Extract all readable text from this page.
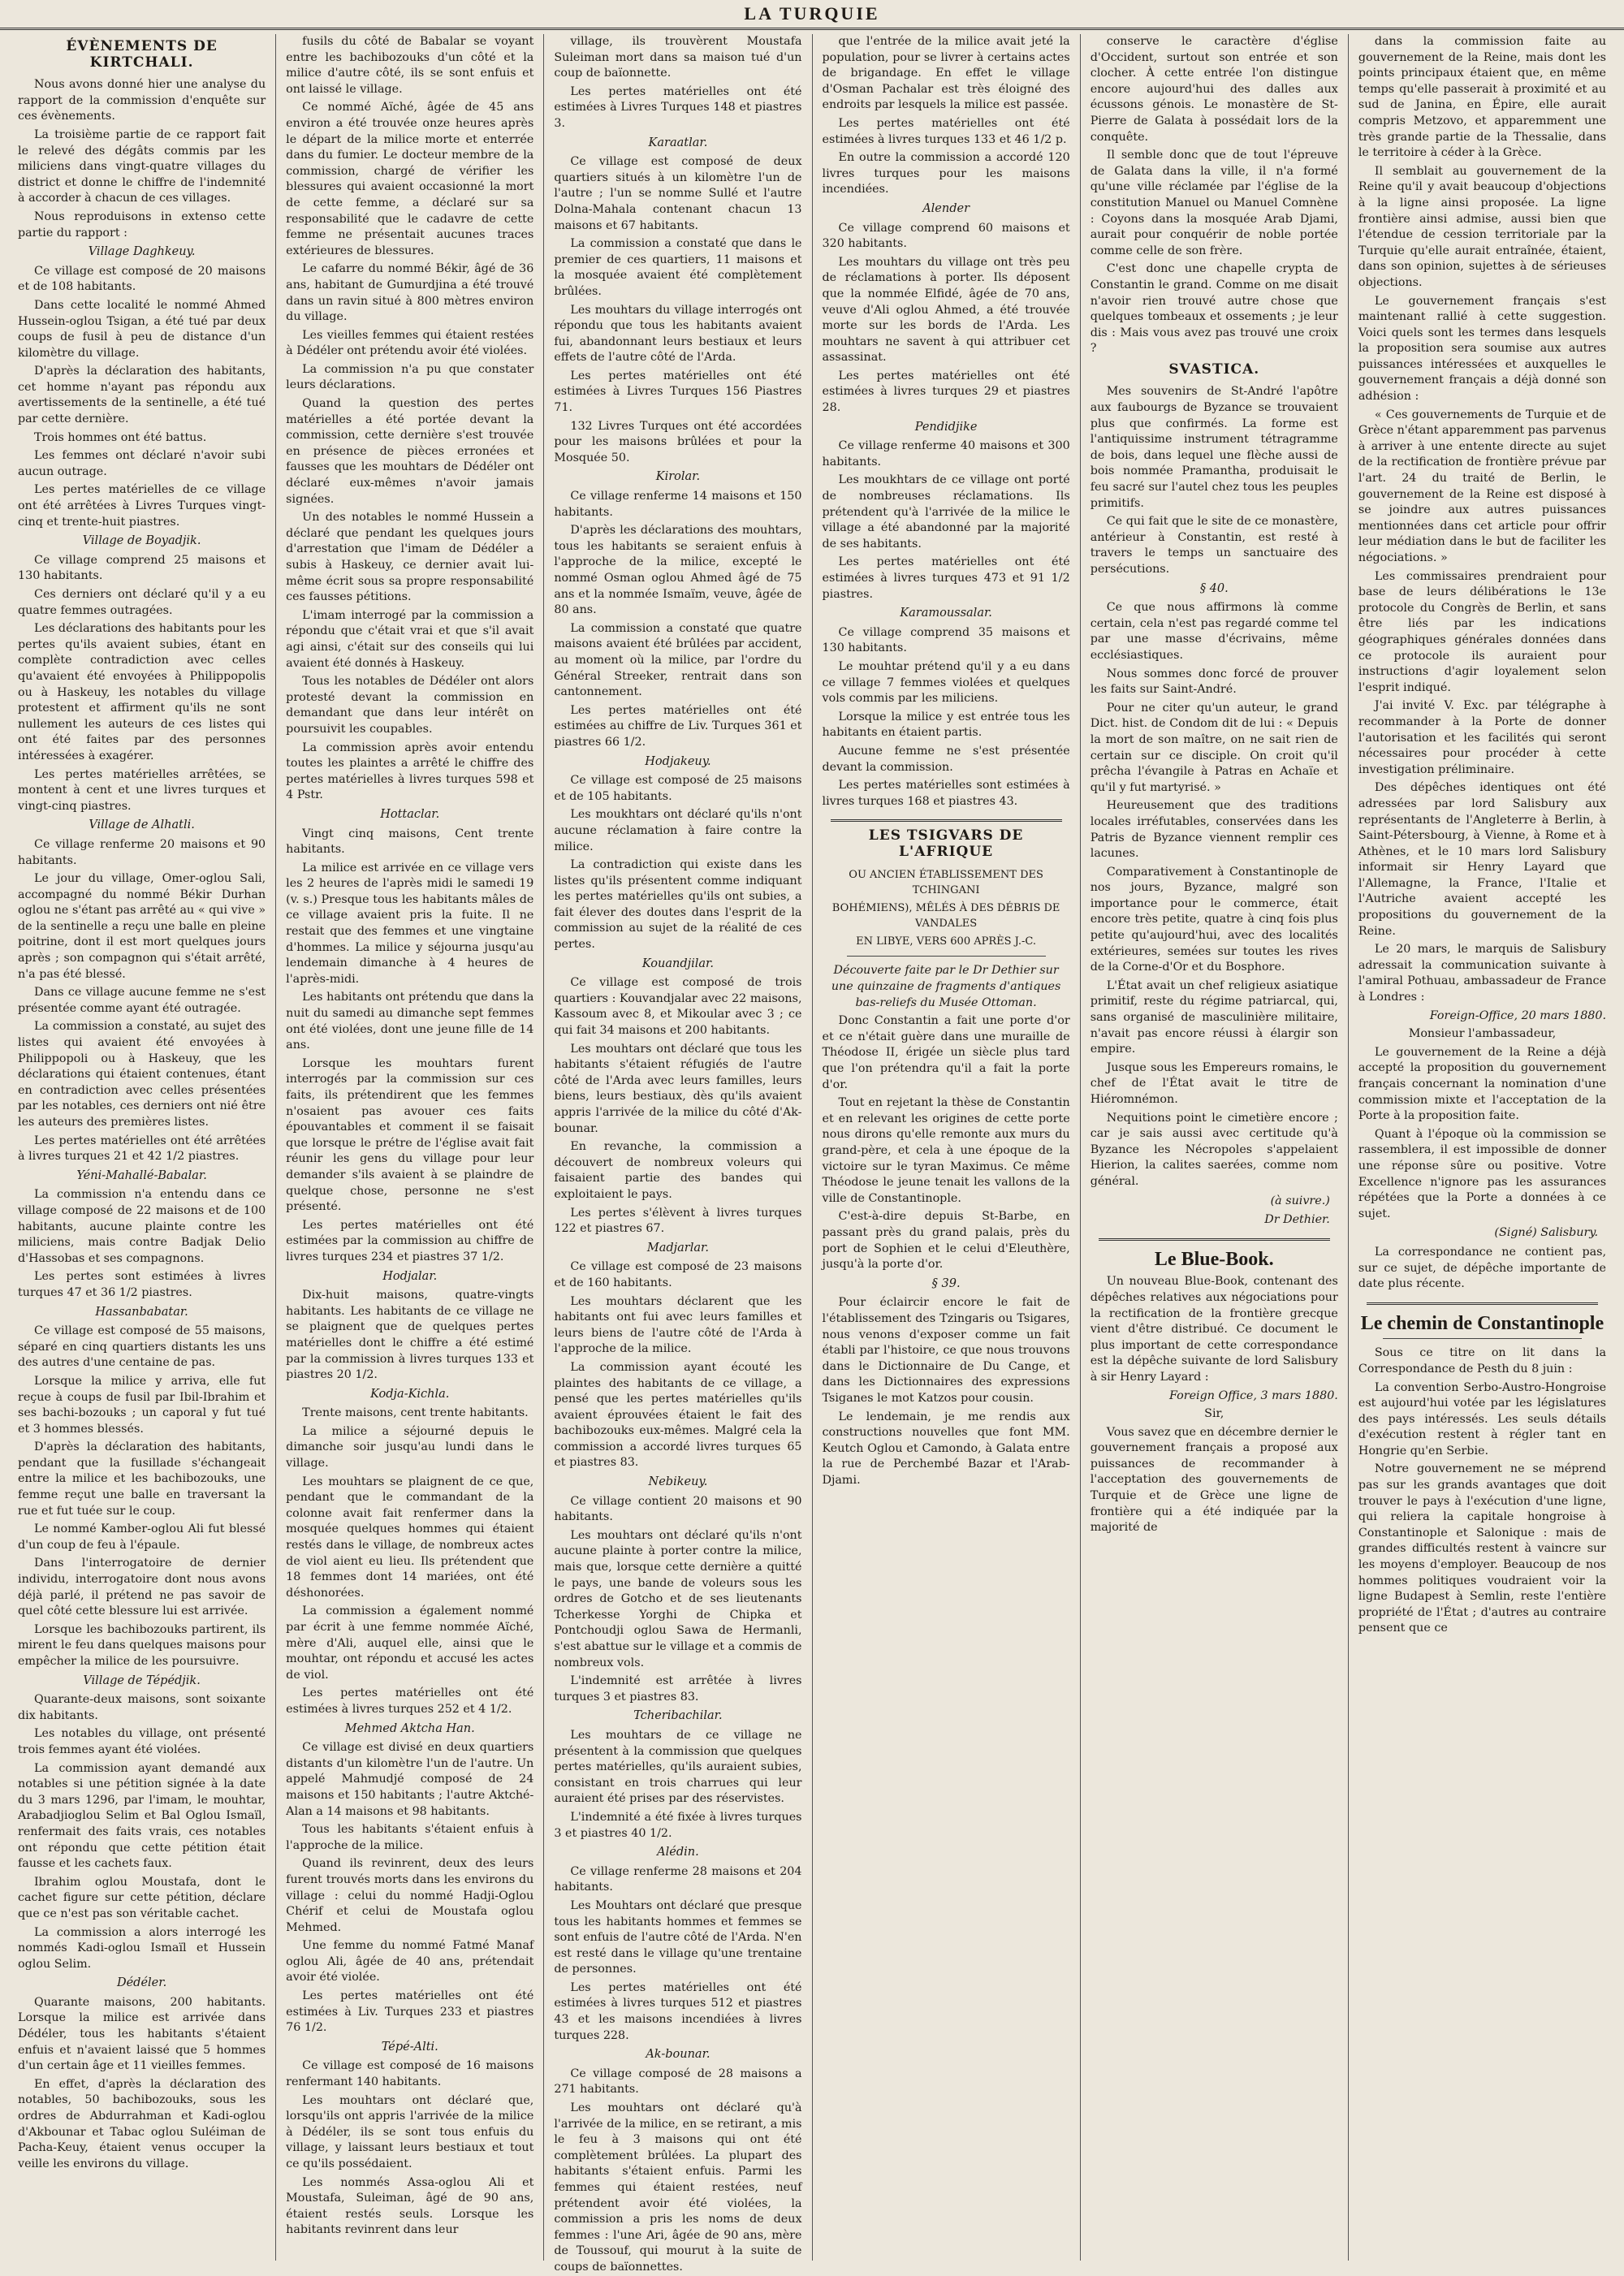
LA TURQUIE
ÉVÈNEMENTS DE KIRTCHALI.

Nous avons donné hier une analyse du rapport de la commission d'enquête sur ces évènements.

La troisième partie de ce rapport fait le relevé des dégâts commis par les miliciens dans vingt-quatre villages du district et donne le chiffre de l'indemnité à accorder à chacun de ces villages.

Nous reproduisons in extenso cette partie du rapport :

Village Daghkeuy.

Ce village est composé de 20 maisons et de 108 habitants.

Dans cette localité le nommé Ahmed Hussein-oglou Tsigan, a été tué par deux coups de fusil à peu de distance d'un kilomètre du village.

D'après la déclaration des habitants, cet homme n'ayant pas répondu aux avertissements de la sentinelle, a été tué par cette dernière.

Trois hommes ont été battus.

Les femmes ont déclaré n'avoir subi aucun outrage.

Les pertes matérielles de ce village ont été arrêtées à Livres Turques vingt-cinq et trente-huit piastres.

Village de Boyadjik.

Ce village comprend 25 maisons et 130 habitants.

Ces derniers ont déclaré qu'il y a eu quatre femmes outragées.

Les déclarations des habitants pour les pertes qu'ils avaient subies, étant en complète contradiction avec celles qu'avaient été envoyées à Philippopolis ou à Haskeuy, les notables du village protestent et affirment qu'ils ne sont nullement les auteurs de ces listes qui ont été faites par des personnes intéressées à exagérer.

Les pertes matérielles arrêtées, se montent à cent et une livres turques et vingt-cinq piastres.

Village de Alhatli.

Ce village renferme 20 maisons et 90 habitants.

Le jour du village, Omer-oglou Sali, accompagné du nommé Békir Durhan oglou ne s'étant pas arrêté au « qui vive » de la sentinelle a reçu une balle en pleine poitrine, dont il est mort quelques jours après ; son compagnon qui s'était arrêté, n'a pas été blessé.

Dans ce village aucune femme ne s'est présentée comme ayant été outragée.

La commission a constaté, au sujet des listes qui avaient été envoyées à Philippopoli ou à Haskeuy, que les déclarations qui étaient contenues, étant en contradiction avec celles présentées par les notables, ces derniers ont nié être les auteurs des premières listes.

Les pertes matérielles ont été arrêtées à livres turques 21 et 42 1/2 piastres.

Yéni-Mahallé-Babalar.

La commission n'a entendu dans ce village composé de 22 maisons et de 100 habitants, aucune plainte contre les miliciens, mais contre Badjak Delio d'Hassobas et ses compagnons.

Les pertes sont estimées à livres turques 47 et 36 1/2 piastres.

Hassanbabatar.

Ce village est composé de 55 maisons, séparé en cinq quartiers distants les uns des autres d'une centaine de pas.

Lorsque la milice y arriva, elle fut reçue à coups de fusil par Ibil-Ibrahim et ses bachi-bozouks ; un caporal y fut tué et 3 hommes blessés.

D'après la déclaration des habitants, pendant que la fusillade s'échangeait entre la milice et les bachibozouks, une femme reçut une balle en traversant la rue et fut tuée sur le coup.

Le nommé Kamber-oglou Ali fut blessé d'un coup de feu à l'épaule.

Dans l'interrogatoire de dernier individu, interrogatoire dont nous avons déjà parlé, il prétend ne pas savoir de quel côté cette blessure lui est arrivée.

Lorsque les bachibozouks partirent, ils mirent le feu dans quelques maisons pour empêcher la milice de les poursuivre.

Village de Tépédjik.

Quarante-deux maisons, sont soixante dix habitants.

Les notables du village, ont présenté trois femmes ayant été violées.

La commission ayant demandé aux notables si une pétition signée à la date du 3 mars 1296, par l'imam, le mouhtar, Arabadjioglou Selim et Bal Oglou Ismaïl, renfermait des faits vrais, ces notables ont répondu que cette pétition était fausse et les cachets faux.

Ibrahim oglou Moustafa, dont le cachet figure sur cette pétition, déclare que ce n'est pas son véritable cachet.

La commission a alors interrogé les nommés Kadi-oglou Ismaïl et Hussein oglou Selim.

Dédéler.

Quarante maisons, 200 habitants. Lorsque la milice est arrivée dans Dédéler, tous les habitants s'étaient enfuis et n'avaient laissé que 5 hommes d'un certain âge et 11 vieilles femmes.

En effet, d'après la déclaration des notables, 50 bachibozouks, sous les ordres de Abdurrahman et Kadi-oglou d'Akbounar et Tabac oglou Suléiman de Pacha-Keuy, étaient venus occuper la veille les environs du village.

fusils du côté de Babalar se voyant entre les bachibozouks d'un côté et la milice d'autre côté, ils se sont enfuis et ont laissé le village.

Ce nommé Aïché, âgée de 45 ans environ a été trouvée onze heures après le départ de la milice morte et enterrée dans du fumier. Le docteur membre de la commission, chargé de vérifier les blessures qui avaient occasionné la mort de cette femme, a déclaré sur sa responsabilité que le cadavre de cette femme ne présentait aucunes traces extérieures de blessures.

Le cafarre du nommé Békir, âgé de 36 ans, habitant de Gumurdjina a été trouvé dans un ravin situé à 800 mètres environ du village.

Les vieilles femmes qui étaient restées à Dédéler ont prétendu avoir été violées.

La commission n'a pu que constater leurs déclarations.

Quand la question des pertes matérielles a été portée devant la commission, cette dernière s'est trouvée en présence de pièces erronées et fausses que les mouhtars de Dédéler ont déclaré eux-mêmes n'avoir jamais signées.

Un des notables le nommé Hussein a déclaré que pendant les quelques jours d'arrestation que l'imam de Dédéler a subis à Haskeuy, ce dernier avait lui-même écrit sous sa propre responsabilité ces fausses pétitions.

L'imam interrogé par la commission a répondu que c'était vrai et que s'il avait agi ainsi, c'était sur des conseils qui lui avaient été donnés à Haskeuy.

Tous les notables de Dédéler ont alors protesté devant la commission en demandant que dans leur intérêt on poursuivit les coupables.

La commission après avoir entendu toutes les plaintes a arrêté le chiffre des pertes matérielles à livres turques 598 et 4 Pstr.

Hottaclar.

Vingt cinq maisons, Cent trente habitants.

La milice est arrivée en ce village vers les 2 heures de l'après midi le samedi 19 (v. s.) Presque tous les habitants mâles de ce village avaient pris la fuite. Il ne restait que des femmes et une vingtaine d'hommes. La milice y séjourna jusqu'au lendemain dimanche à 4 heures de l'après-midi.

Les habitants ont prétendu que dans la nuit du samedi au dimanche sept femmes ont été violées, dont une jeune fille de 14 ans.

Lorsque les mouhtars furent interrogés par la commission sur ces faits, ils prétendirent que les femmes n'osaient pas avouer ces faits épouvantables et comment il se faisait que lorsque le prétre de l'église avait fait réunir les gens du village pour leur demander s'ils avaient à se plaindre de quelque chose, personne ne s'est présenté.

Les pertes matérielles ont été estimées par la commission au chiffre de livres turques 234 et piastres 37 1/2.

Hodjalar.

Dix-huit maisons, quatre-vingts habitants. Les habitants de ce village ne se plaignent que de quelques pertes matérielles dont le chiffre a été estimé par la commission à livres turques 133 et piastres 20 1/2.

Kodja-Kichla.

Trente maisons, cent trente habitants.

La milice a séjourné depuis le dimanche soir jusqu'au lundi dans le village.

Les mouhtars se plaignent de ce que, pendant que le commandant de la colonne avait fait renfermer dans la mosquée quelques hommes qui étaient restés dans le village, de nombreux actes de viol aient eu lieu. Ils prétendent que 18 femmes dont 14 mariées, ont été déshonorées.

La commission a également nommé par écrit à une femme nommée Aïché, mère d'Ali, auquel elle, ainsi que le mouhtar, ont répondu et accusé les actes de viol.

Les pertes matérielles ont été estimées à livres turques 252 et 4 1/2.

Mehmed Aktcha Han.

Ce village est divisé en deux quartiers distants d'un kilomètre l'un de l'autre. Un appelé Mahmudjé composé de 24 maisons et 150 habitants ; l'autre Aktché-Alan a 14 maisons et 98 habitants.

Tous les habitants s'étaient enfuis à l'approche de la milice.

Quand ils revinrent, deux des leurs furent trouvés morts dans les environs du village : celui du nommé Hadji-Oglou Chérif et celui de Moustafa oglou Mehmed.

Une femme du nommé Fatmé Manaf oglou Ali, âgée de 40 ans, prétendait avoir été violée.

Les pertes matérielles ont été estimées à Liv. Turques 233 et piastres 76 1/2.

Tépé-Alti.

Ce village est composé de 16 maisons renfermant 140 habitants.

Les mouhtars ont déclaré que, lorsqu'ils ont appris l'arrivée de la milice à Dédéler, ils se sont tous enfuis du village, y laissant leurs bestiaux et tout ce qu'ils possédaient.

Les nommés Assa-oglou Ali et Moustafa, Suleiman, âgé de 90 ans, étaient restés seuls. Lorsque les habitants revinrent dans leur

village, ils trouvèrent Moustafa Suleiman mort dans sa maison tué d'un coup de baïonnette.

Les pertes matérielles ont été estimées à Livres Turques 148 et piastres 3.

Karaatlar.

Ce village est composé de deux quartiers situés à un kilomètre l'un de l'autre ; l'un se nomme Sullé et l'autre Dolna-Mahala contenant chacun 13 maisons et 67 habitants.

La commission a constaté que dans le premier de ces quartiers, 11 maisons et la mosquée avaient été complètement brûlées.

Les mouhtars du village interrogés ont répondu que tous les habitants avaient fui, abandonnant leurs bestiaux et leurs effets de l'autre côté de l'Arda.

Les pertes matérielles ont été estimées à Livres Turques 156 Piastres 71.

132 Livres Turques ont été accordées pour les maisons brûlées et pour la Mosquée 50.

Kirolar.

Ce village renferme 14 maisons et 150 habitants.

D'après les déclarations des mouhtars, tous les habitants se seraient enfuis à l'approche de la milice, excepté le nommé Osman oglou Ahmed âgé de 75 ans et la nommée Ismaïm, veuve, âgée de 80 ans.

La commission a constaté que quatre maisons avaient été brûlées par accident, au moment où la milice, par l'ordre du Général Streeker, rentrait dans son cantonnement.

Les pertes matérielles ont été estimées au chiffre de Liv. Turques 361 et piastres 66 1/2.

Hodjakeuy.

Ce village est composé de 25 maisons et de 105 habitants.

Les moukhtars ont déclaré qu'ils n'ont aucune réclamation à faire contre la milice.

La contradiction qui existe dans les listes qu'ils présentent comme indiquant les pertes matérielles qu'ils ont subies, a fait élever des doutes dans l'esprit de la commission au sujet de la réalité de ces pertes.

Kouandjilar.

Ce village est composé de trois quartiers : Kouvandjalar avec 22 maisons, Kassoum avec 8, et Mikoular avec 3 ; ce qui fait 34 maisons et 200 habitants.

Les mouhtars ont déclaré que tous les habitants s'étaient réfugiés de l'autre côté de l'Arda avec leurs familles, leurs biens, leurs bestiaux, dès qu'ils avaient appris l'arrivée de la milice du côté d'Ak-bounar.

En revanche, la commission a découvert de nombreux voleurs qui faisaient partie des bandes qui exploitaient le pays.

Les pertes s'élèvent à livres turques 122 et piastres 67.

Madjarlar.

Ce village est composé de 23 maisons et de 160 habitants.

Les mouhtars déclarent que les habitants ont fui avec leurs familles et leurs biens de l'autre côté de l'Arda à l'approche de la milice.

La commission ayant écouté les plaintes des habitants de ce village, a pensé que les pertes matérielles qu'ils avaient éprouvées étaient le fait des bachibozouks eux-mêmes. Malgré cela la commission a accordé livres turques 65 et piastres 83.

Nebikeuy.

Ce village contient 20 maisons et 90 habitants.

Les mouhtars ont déclaré qu'ils n'ont aucune plainte à porter contre la milice, mais que, lorsque cette dernière a quitté le pays, une bande de voleurs sous les ordres de Gotcho et de ses lieutenants Tcherkesse Yorghi de Chipka et Pontchoudji oglou Sawa de Hermanli, s'est abattue sur le village et a commis de nombreux vols.

L'indemnité est arrêtée à livres turques 3 et piastres 83.

Tcheribachilar.

Les mouhtars de ce village ne présentent à la commission que quelques pertes matérielles, qu'ils auraient subies, consistant en trois charrues qui leur auraient été prises par des réservistes.

L'indemnité a été fixée à livres turques 3 et piastres 40 1/2.

Alédin.

Ce village renferme 28 maisons et 204 habitants.

Les Mouhtars ont déclaré que presque tous les habitants hommes et femmes se sont enfuis de l'autre côté de l'Arda. N'en est resté dans le village qu'une trentaine de personnes.

Les pertes matérielles ont été estimées à livres turques 512 et piastres 43 et les maisons incendiées à livres turques 228.

Ak-bounar.

Ce village composé de 28 maisons a 271 habitants.

Les mouhtars ont déclaré qu'à l'arrivée de la milice, en se retirant, a mis le feu à 3 maisons qui ont été complètement brûlées. La plupart des habitants s'étaient enfuis. Parmi les femmes qui étaient restées, neuf prétendent avoir été violées, la commission a pris les noms de deux femmes : l'une Ari, âgée de 90 ans, mère de Toussouf, qui mourut à la suite de coups de baïonnettes.

que l'entrée de la milice avait jeté la population, pour se livrer à certains actes de brigandage. En effet le village d'Osman Pachalar est très éloigné des endroits par lesquels la milice est passée.

Les pertes matérielles ont été estimées à livres turques 133 et 46 1/2 p.

En outre la commission a accordé 120 livres turques pour les maisons incendiées.

Alender

Ce village comprend 60 maisons et 320 habitants.

Les mouhtars du village ont très peu de réclamations à porter. Ils déposent que la nommée Elfidé, âgée de 70 ans, veuve d'Ali oglou Ahmed, a été trouvée morte sur les bords de l'Arda. Les mouhtars ne savent à qui attribuer cet assassinat.

Les pertes matérielles ont été estimées à livres turques 29 et piastres 28.

Pendidjike

Ce village renferme 40 maisons et 300 habitants.

Les moukhtars de ce village ont porté de nombreuses réclamations. Ils prétendent qu'à l'arrivée de la milice le village a été abandonné par la majorité de ses habitants.

Les pertes matérielles ont été estimées à livres turques 473 et 91 1/2 piastres.

Karamoussalar.

Ce village comprend 35 maisons et 130 habitants.

Le mouhtar prétend qu'il y a eu dans ce village 7 femmes violées et quelques vols commis par les miliciens.

Lorsque la milice y est entrée tous les habitants en étaient partis.

Aucune femme ne s'est présentée devant la commission.

Les pertes matérielles sont estimées à livres turques 168 et piastres 43.

LES TSIGVARS DE L'AFRIQUE
OU ANCIEN ÉTABLISSEMENT DES TCHINGANI
BOHÉMIENS), MÊLÉS À DES DÉBRIS DE VANDALES
EN LIBYE, VERS 600 APRÈS J.-C.

Découverte faite par le Dr Dethier sur une quinzaine de fragments d'antiques bas-reliefs du Musée Ottoman.

Donc Constantin a fait une porte d'or et ce n'était guère dans une muraille de Théodose II, érigée un siècle plus tard que l'on prétendra qu'il a fait la porte d'or.

Tout en rejetant la thèse de Constantin et en relevant les origines de cette porte nous dirons qu'elle remonte aux murs du grand-père, et cela à une époque de la victoire sur le tyran Maximus. Ce même Théodose le jeune tenait les vallons de la ville de Constantinople.

C'est-à-dire depuis St-Barbe, en passant près du grand palais, près du port de Sophien et le celui d'Eleuthère, jusqu'à la porte d'or.

§ 39.

Pour éclaircir encore le fait de l'établissement des Tzingaris ou Tsigares, nous venons d'exposer comme un fait établi par l'histoire, ce que nous trouvons dans le Dictionnaire de Du Cange, et dans les Dictionnaires des expressions Tsiganes le mot Katzos pour cousin.

Le lendemain, je me rendis aux constructions nouvelles que font MM. Keutch Oglou et Camondo, à Galata entre la rue de Perchembé Bazar et l'Arab-Djami.

conserve le caractère d'église d'Occident, surtout son entrée et son clocher. À cette entrée l'on distingue encore aujourd'hui des dalles aux écussons génois. Le monastère de St-Pierre de Galata à possédait lors de la conquête.

Il semble donc que de tout l'épreuve de Galata dans la ville, il n'a formé qu'une ville réclamée par l'église de la constitution Manuel ou Manuel Comnène : Coyons dans la mosquée Arab Djami, aurait pour conquérir de noble portée comme celle de son frère.

C'est donc une chapelle crypta de Constantin le grand. Comme on me disait n'avoir rien trouvé autre chose que quelques tombeaux et ossements ; je leur dis : Mais vous avez pas trouvé une croix ?

SVASTICA.

Mes souvenirs de St-André l'apôtre aux faubourgs de Byzance se trouvaient plus que confirmés. La forme est l'antiquissime instrument tétragramme de bois, dans lequel une flèche aussi de bois nommée Pramantha, produisait le feu sacré sur l'autel chez tous les peuples primitifs.

Ce qui fait que le site de ce monastère, antérieur à Constantin, est resté à travers le temps un sanctuaire des persécutions.

§ 40.

Ce que nous affirmons là comme certain, cela n'est pas regardé comme tel par une masse d'écrivains, même ecclésiastiques.

Nous sommes donc forcé de prouver les faits sur Saint-André.

Pour ne citer qu'un auteur, le grand Dict. hist. de Condom dit de lui : « Depuis la mort de son maître, on ne sait rien de certain sur ce disciple. On croit qu'il prêcha l'évangile à Patras en Achaïe et qu'il y fut martyrisé. »

Heureusement que des traditions locales irréfutables, conservées dans les Patris de Byzance viennent remplir ces lacunes.

Comparativement à Constantinople de nos jours, Byzance, malgré son importance pour le commerce, était encore très petite, quatre à cinq fois plus petite qu'aujourd'hui, avec des localités extérieures, semées sur toutes les rives de la Corne-d'Or et du Bosphore.

L'État avait un chef religieux asiatique primitif, reste du régime patriarcal, qui, sans organisé de masculinière militaire, n'avait pas encore réussi à élargir son empire.

Jusque sous les Empereurs romains, le chef de l'État avait le titre de Hiéromnémon.

Nequitions point le cimetière encore ; car je sais aussi avec certitude qu'à Byzance les Nécropoles s'appelaient Hierion, la calites saerées, comme nom général.

(à suivre.)
Dr Dethier.
Le Blue-Book.

Un nouveau Blue-Book, contenant des dépêches relatives aux négociations pour la rectification de la frontière grecque vient d'être distribué. Ce document le plus important de cette correspondance est la dépêche suivante de lord Salisbury à sir Henry Layard :

Foreign Office, 3 mars 1880.

Sir,

Vous savez que en décembre dernier le gouvernement français a proposé aux puissances de recommander à l'acceptation des gouvernements de Turquie et de Grèce une ligne de frontière qui a été indiquée par la majorité de

dans la commission faite au gouvernement de la Reine, mais dont les points principaux étaient que, en même temps qu'elle passerait à proximité et au sud de Janina, en Épire, elle aurait compris Metzovo, et apparemment une très grande partie de la Thessalie, dans le territoire à céder à la Grèce.

Il semblait au gouvernement de la Reine qu'il y avait beaucoup d'objections à la ligne ainsi proposée. La ligne frontière ainsi admise, aussi bien que l'étendue de cession territoriale par la Turquie qu'elle aurait entraînée, étaient, dans son opinion, sujettes à de sérieuses objections.

Le gouvernement français s'est maintenant rallié à cette suggestion. Voici quels sont les termes dans lesquels la proposition sera soumise aux autres puissances intéressées et auxquelles le gouvernement français a déjà donné son adhésion :

« Ces gouvernements de Turquie et de Grèce n'étant apparemment pas parvenus à arriver à une entente directe au sujet de la rectification de frontière prévue par l'art. 24 du traité de Berlin, le gouvernement de la Reine est disposé à se joindre aux autres puissances mentionnées dans cet article pour offrir leur médiation dans le but de faciliter les négociations. »

Les commissaires prendraient pour base de leurs délibérations le 13e protocole du Congrès de Berlin, et sans être liés par les indications géographiques générales données dans ce protocole ils auraient pour instructions d'agir loyalement selon l'esprit indiqué.

J'ai invité V. Exc. par télégraphe à recommander à la Porte de donner l'autorisation et les facilités qui seront nécessaires pour procéder à cette investigation préliminaire.

Des dépêches identiques ont été adressées par lord Salisbury aux représentants de l'Angleterre à Berlin, à Saint-Pétersbourg, à Vienne, à Rome et à Athènes, et le 10 mars lord Salisbury informait sir Henry Layard que l'Allemagne, la France, l'Italie et l'Autriche avaient accepté les propositions du gouvernement de la Reine.

Le 20 mars, le marquis de Salisbury adressait la communication suivante à l'amiral Pothuau, ambassadeur de France à Londres :

Foreign-Office, 20 mars 1880.

Monsieur l'ambassadeur,

Le gouvernement de la Reine a déjà accepté la proposition du gouvernement français concernant la nomination d'une commission mixte et l'acceptation de la Porte à la proposition faite.

Quant à l'époque où la commission se rassemblera, il est impossible de donner une réponse sûre ou positive. Votre Excellence n'ignore pas les assurances répétées que la Porte a données à ce sujet.

(Signé) Salisbury.

La correspondance ne contient pas, sur ce sujet, de dépêche importante de date plus récente.

Le chemin de Constantinople

Sous ce titre on lit dans la Correspondance de Pesth du 8 juin :

La convention Serbo-Austro-Hongroise est aujourd'hui votée par les législatures des pays intéressés. Les seuls détails d'exécution restent à régler tant en Hongrie qu'en Serbie.

Notre gouvernement ne se méprend pas sur les grands avantages que doit trouver le pays à l'exécution d'une ligne, qui reliera la capitale hongroise à Constantinople et Salonique : mais de grandes difficultés restent à vaincre sur les moyens d'employer. Beaucoup de nos hommes politiques voudraient voir la ligne Budapest à Semlin, reste l'entière propriété de l'État ; d'autres au contraire pensent que ce
